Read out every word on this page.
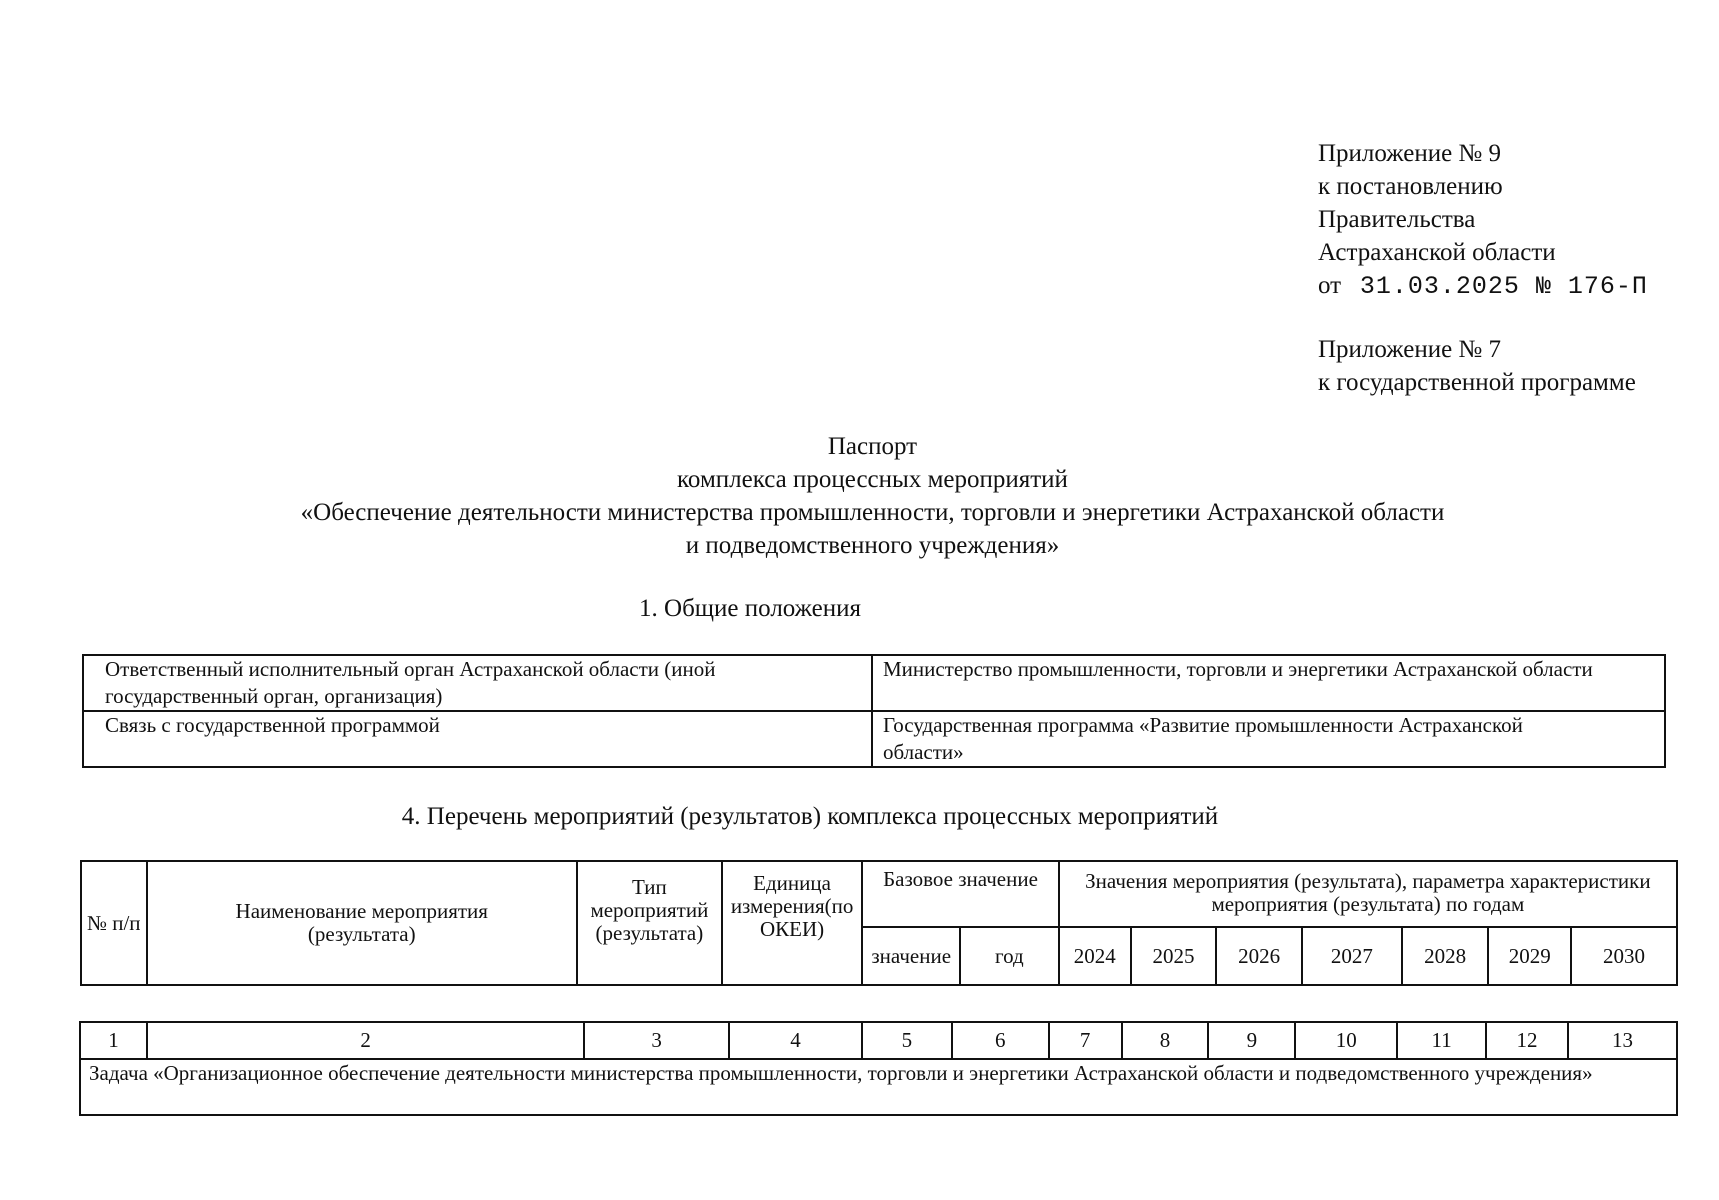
Приложение № 9
к постановлению
Правительства
Астраханской области
от 31.03.2025 № 176-П
Приложение № 7
к государственной программе
Паспорт
комплекса процессных мероприятий
«Обеспечение деятельности министерства промышленности, торговли и энергетики Астраханской области
и подведомственного учреждения»
1. Общие положения
Ответственный исполнительный орган Астраханской области (иной государственный орган, организация)	Министерство промышленности, торговли и энергетики Астраханской области
Связь с государственной программой	Государственная программа «Развитие промышленности Астраханской области»
4. Перечень мероприятий (результатов) комплекса процессных мероприятий
№ п/п	Наименование мероприятия (результата)	Тип мероприятий (результата)	Единица измерения(по ОКЕИ)	Базовое значение		Значения мероприятия (результата), параметра характеристики мероприятия (результата) по годам						
				значение	год	2024	2025	2026	2027	2028	2029	2030
1	2	3	4	5	6	7	8	9	10	11	12	13
Задача «Организационное обеспечение деятельности министерства промышленности, торговли и энергетики Астраханской области и подведомственного учреждения»
